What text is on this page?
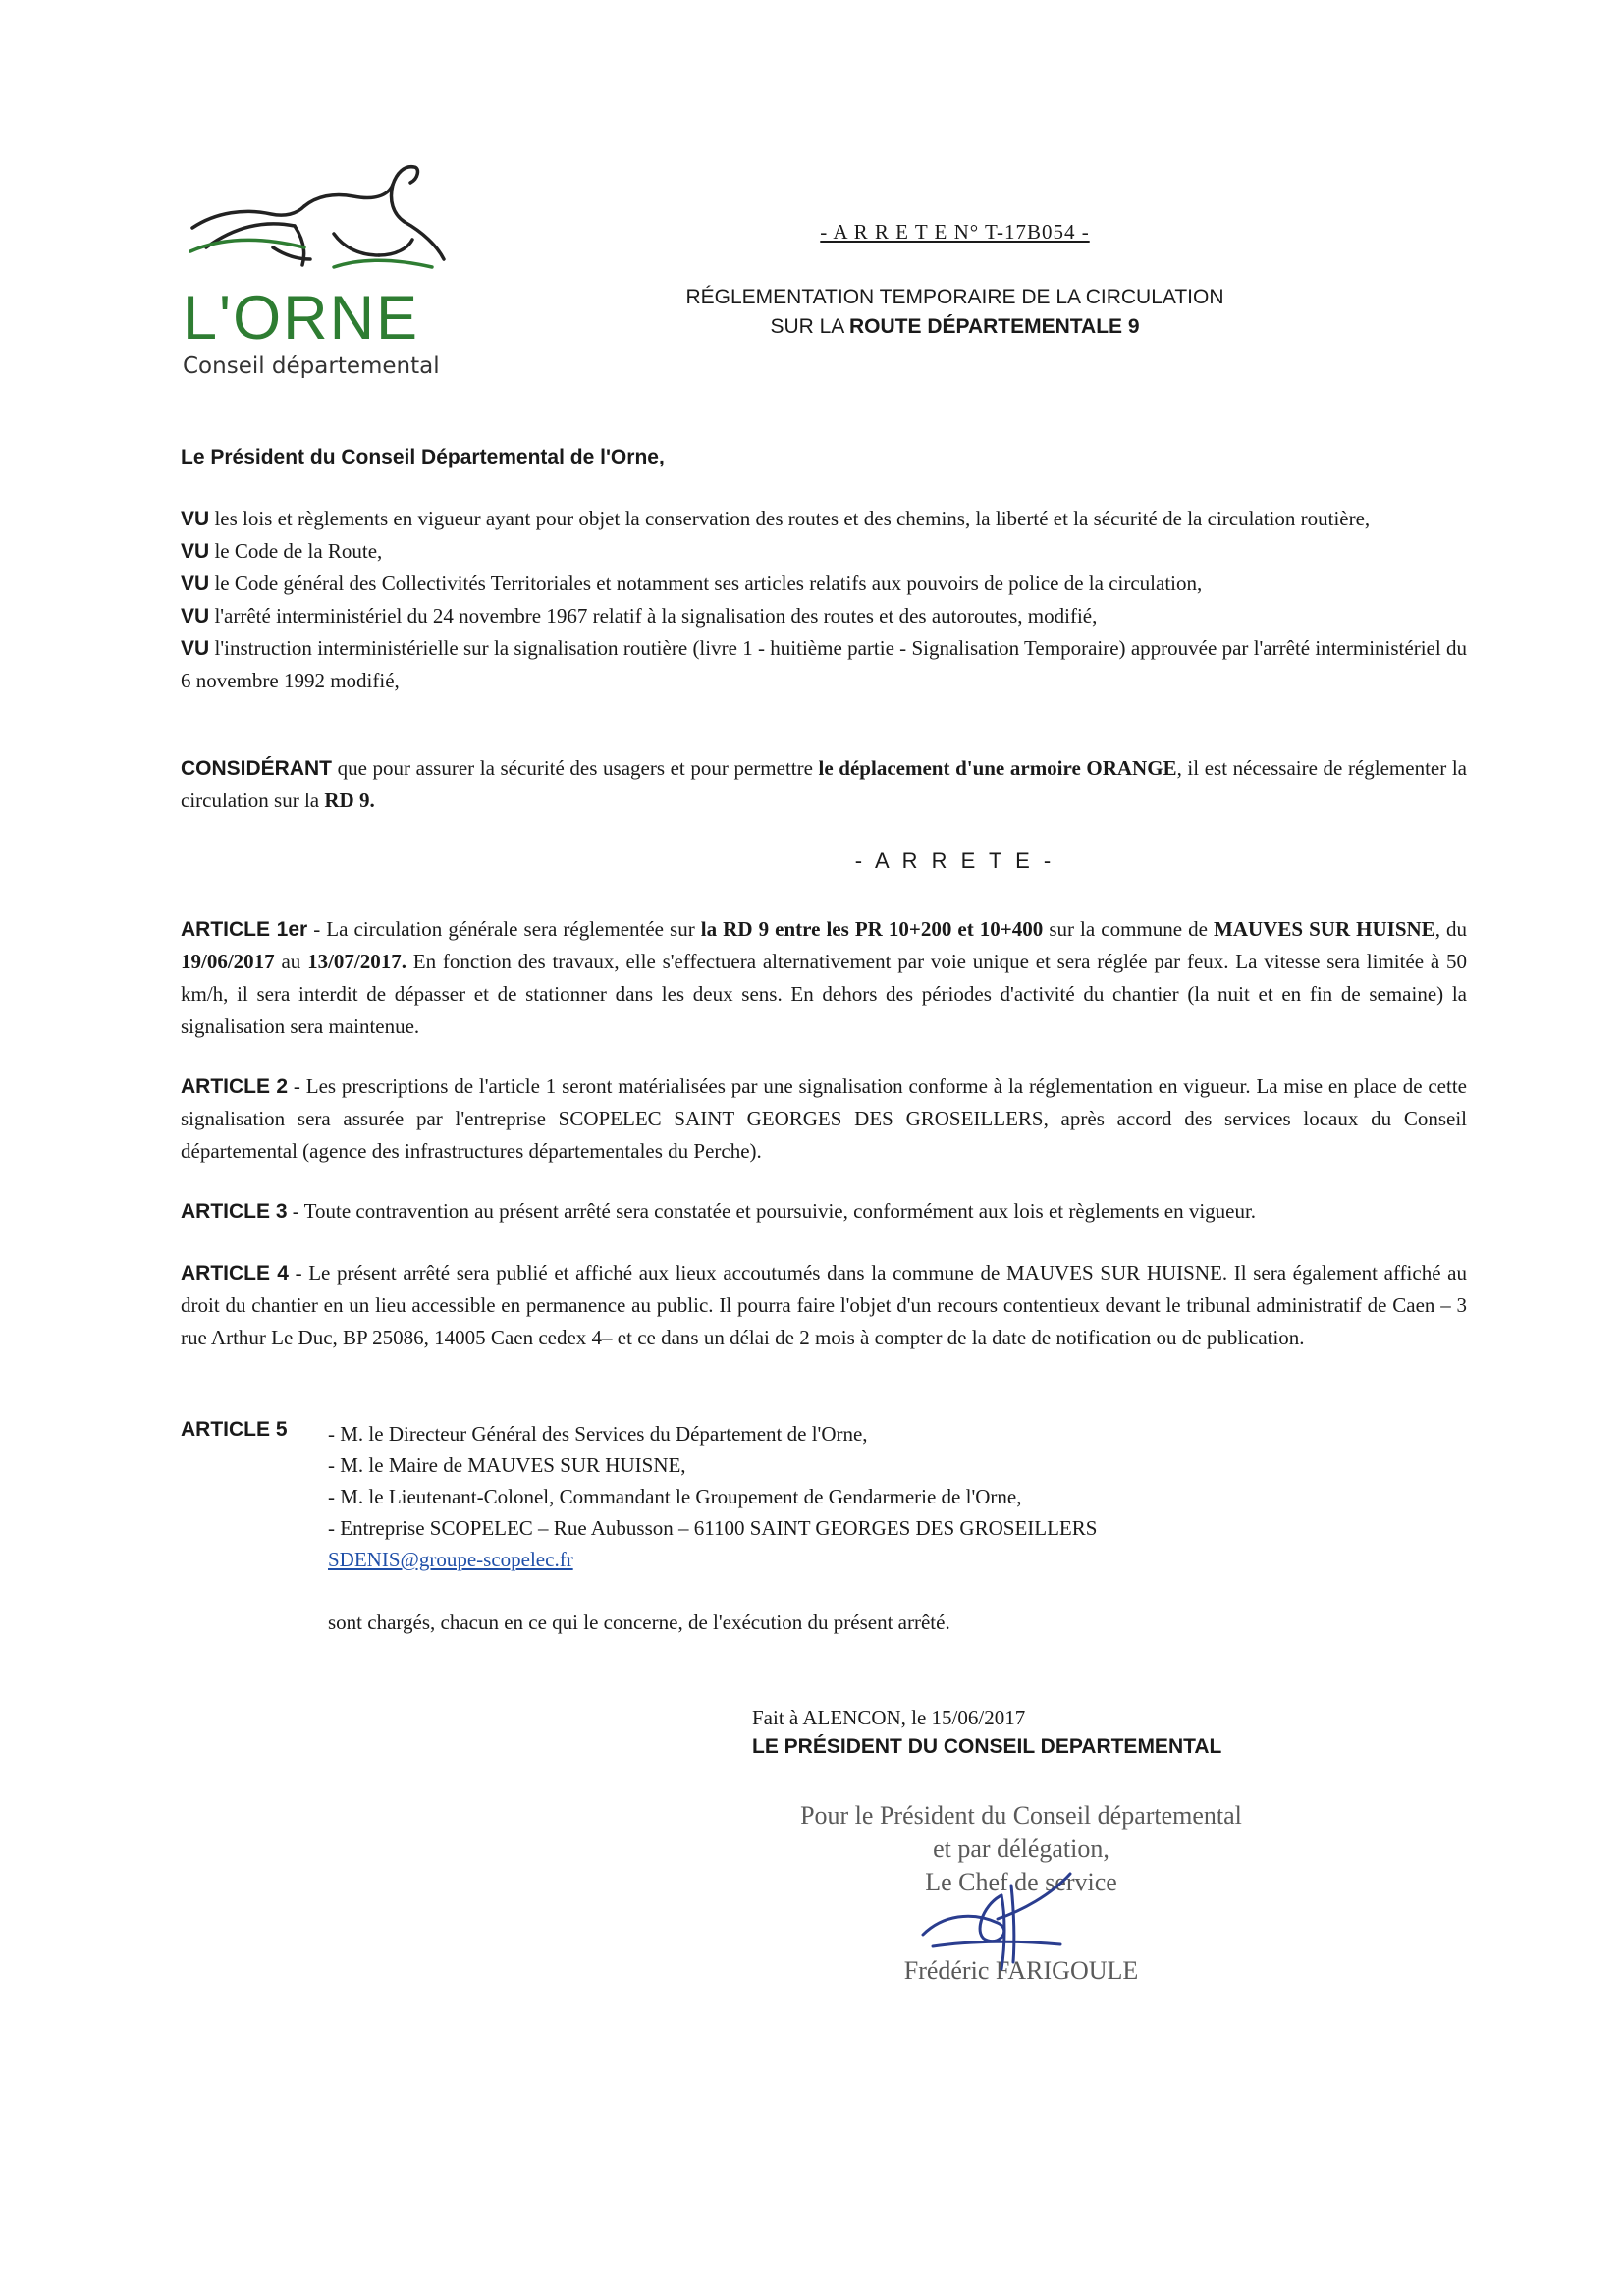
L'ORNE
Conseil départemental
- A R R E T E N° T-17B054 -
RÉGLEMENTATION TEMPORAIRE DE LA CIRCULATION
SUR LA ROUTE DÉPARTEMENTALE 9
Le Président du Conseil Départemental de l'Orne,

VU les lois et règlements en vigueur ayant pour objet la conservation des routes et des chemins, la liberté et la sécurité de la circulation routière,

VU le Code de la Route,

VU le Code général des Collectivités Territoriales et notamment ses articles relatifs aux pouvoirs de police de la circulation,

VU l'arrêté interministériel du 24 novembre 1967 relatif à la signalisation des routes et des autoroutes, modifié,

VU l'instruction interministérielle sur la signalisation routière (livre 1 - huitième partie - Signalisation Temporaire) approuvée par l'arrêté interministériel du 6 novembre 1992 modifié,

CONSIDÉRANT que pour assurer la sécurité des usagers et pour permettre le déplacement d'une armoire ORANGE, il est nécessaire de réglementer la circulation sur la RD 9.
- A R R E T E -
ARTICLE 1er - La circulation générale sera réglementée sur la RD 9 entre les PR 10+200 et 10+400 sur la commune de MAUVES SUR HUISNE, du 19/06/2017 au 13/07/2017. En fonction des travaux, elle s'effectuera alternativement par voie unique et sera réglée par feux. La vitesse sera limitée à 50 km/h, il sera interdit de dépasser et de stationner dans les deux sens. En dehors des périodes d'activité du chantier (la nuit et en fin de semaine) la signalisation sera maintenue.
ARTICLE 2 - Les prescriptions de l'article 1 seront matérialisées par une signalisation conforme à la réglementation en vigueur. La mise en place de cette signalisation sera assurée par l'entreprise SCOPELEC SAINT GEORGES DES GROSEILLERS, après accord des services locaux du Conseil départemental (agence des infrastructures départementales du Perche).
ARTICLE 3 - Toute contravention au présent arrêté sera constatée et poursuivie, conformément aux lois et règlements en vigueur.
ARTICLE 4 - Le présent arrêté sera publié et affiché aux lieux accoutumés dans la commune de MAUVES SUR HUISNE. Il sera également affiché au droit du chantier en un lieu accessible en permanence au public. Il pourra faire l'objet d'un recours contentieux devant le tribunal administratif de Caen – 3 rue Arthur Le Duc, BP 25086, 14005 Caen cedex 4– et ce dans un délai de 2 mois à compter de la date de notification ou de publication.
ARTICLE 5 - M. le Directeur Général des Services du Département de l'Orne,
- M. le Maire de MAUVES SUR HUISNE,
- M. le Lieutenant-Colonel, Commandant le Groupement de Gendarmerie de l'Orne,
- Entreprise SCOPELEC – Rue Aubusson – 61100 SAINT GEORGES DES GROSEILLERS
SDENIS@groupe-scopelec.fr
sont chargés, chacun en ce qui le concerne, de l'exécution du présent arrêté.
Fait à ALENCON, le 15/06/2017
LE PRÉSIDENT DU CONSEIL DEPARTEMENTAL
Pour le Président du Conseil départemental
et par délégation,
Le Chef de service
Frédéric FARIGOULE
